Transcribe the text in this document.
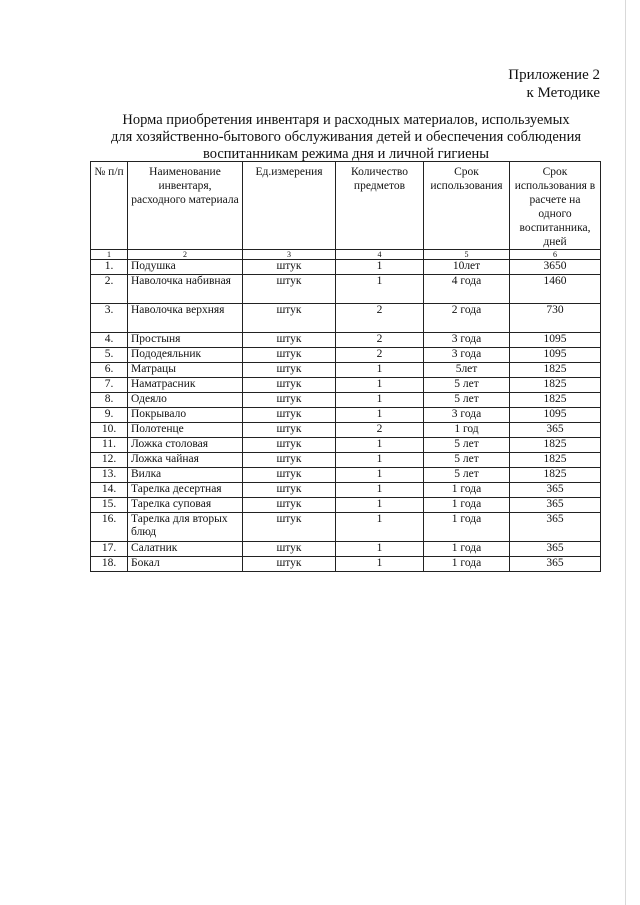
Приложение 2
к Методике
Норма приобретения инвентаря и расходных материалов, используемых
для хозяйственно-бытового обслуживания детей и обеспечения соблюдения
воспитанникам режима дня и личной гигиены
№ п/п	Наименование инвентаря, расходного материала	Ед.измерения	Количество предметов	Срок использования	Срок использования в расчете на одного воспитанника, дней
1	2	3	4	5	6
1.	Подушка	штук	1	10лет	3650
2.	Наволочка набивная	штук	1	4 года	1460
3.	Наволочка верхняя	штук	2	2 года	730
4.	Простыня	штук	2	3 года	1095
5.	Пододеяльник	штук	2	3 года	1095
6.	Матрацы	штук	1	5лет	1825
7.	Наматрасник	штук	1	5 лет	1825
8.	Одеяло	штук	1	5 лет	1825
9.	Покрывало	штук	1	3 года	1095
10.	Полотенце	штук	2	1 год	365
11.	Ложка столовая	штук	1	5 лет	1825
12.	Ложка чайная	штук	1	5 лет	1825
13.	Вилка	штук	1	5 лет	1825
14.	Тарелка десертная	штук	1	1 года	365
15.	Тарелка суповая	штук	1	1 года	365
16.	Тарелка для вторых блюд	штук	1	1 года	365
17.	Салатник	штук	1	1 года	365
18.	Бокал	штук	1	1 года	365
